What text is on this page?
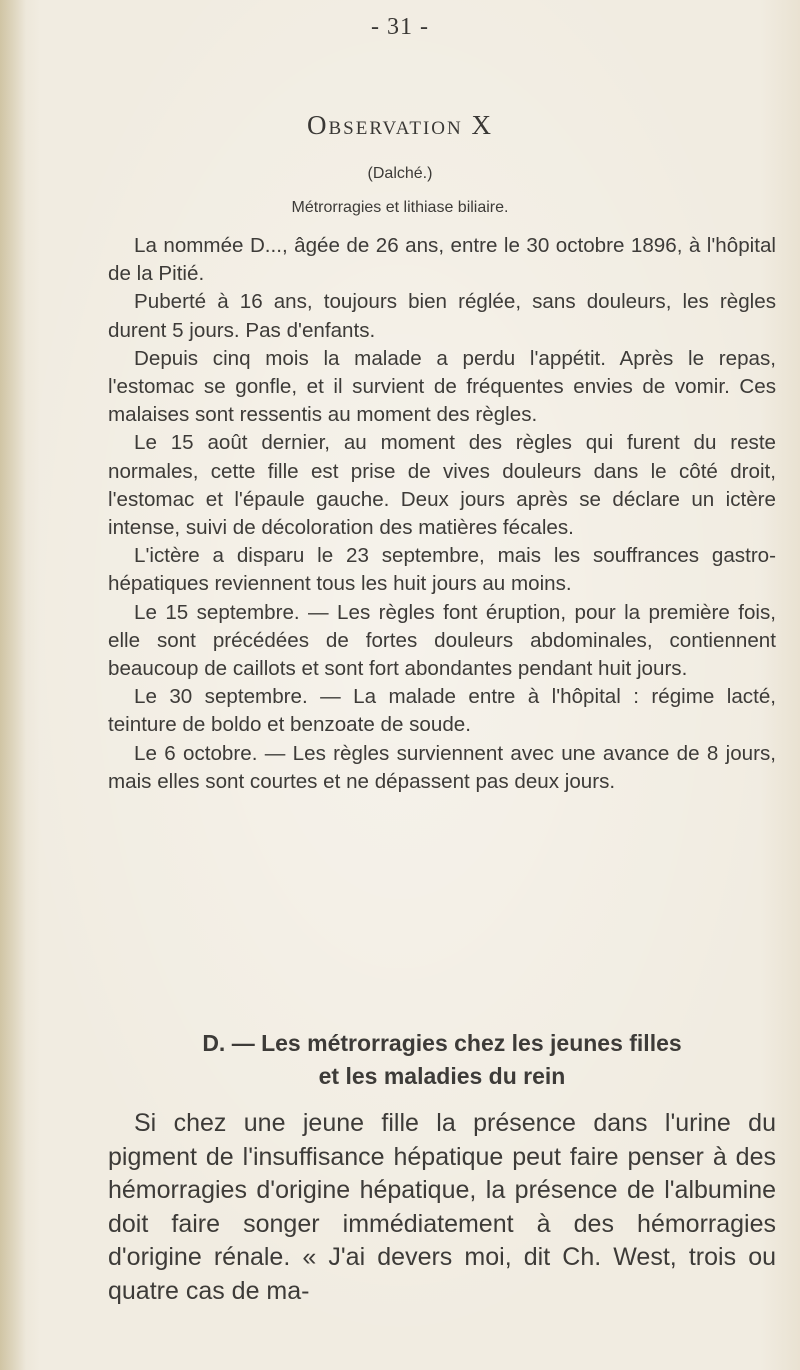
- 31 -
Observation X
(Dalché.)
Métrorragies et lithiase biliaire.

La nommée D..., âgée de 26 ans, entre le 30 octobre 1896, à l'hôpital de la Pitié.

Puberté à 16 ans, toujours bien réglée, sans douleurs, les règles durent 5 jours. Pas d'enfants.

Depuis cinq mois la malade a perdu l'appétit. Après le repas, l'estomac se gonfle, et il survient de fréquentes envies de vomir. Ces malaises sont ressentis au moment des règles.

Le 15 août dernier, au moment des règles qui furent du reste normales, cette fille est prise de vives douleurs dans le côté droit, l'estomac et l'épaule gauche. Deux jours après se déclare un ictère intense, suivi de décoloration des matières fécales.

L'ictère a disparu le 23 septembre, mais les souffrances gastro-hépatiques reviennent tous les huit jours au moins.

Le 15 septembre. — Les règles font éruption, pour la première fois, elle sont précédées de fortes douleurs abdominales, contiennent beaucoup de caillots et sont fort abondantes pendant huit jours.

Le 30 septembre. — La malade entre à l'hôpital : régime lacté, teinture de boldo et benzoate de soude.

Le 6 octobre. — Les règles surviennent avec une avance de 8 jours, mais elles sont courtes et ne dépassent pas deux jours.

D. — Les métrorragies chez les jeunes filles
et les maladies du rein

Si chez une jeune fille la présence dans l'urine du pigment de l'insuffisance hépatique peut faire penser à des hémorragies d'origine hépatique, la présence de l'albumine doit faire songer immédiatement à des hémorragies d'origine rénale. « J'ai devers moi, dit Ch. West, trois ou quatre cas de ma-
